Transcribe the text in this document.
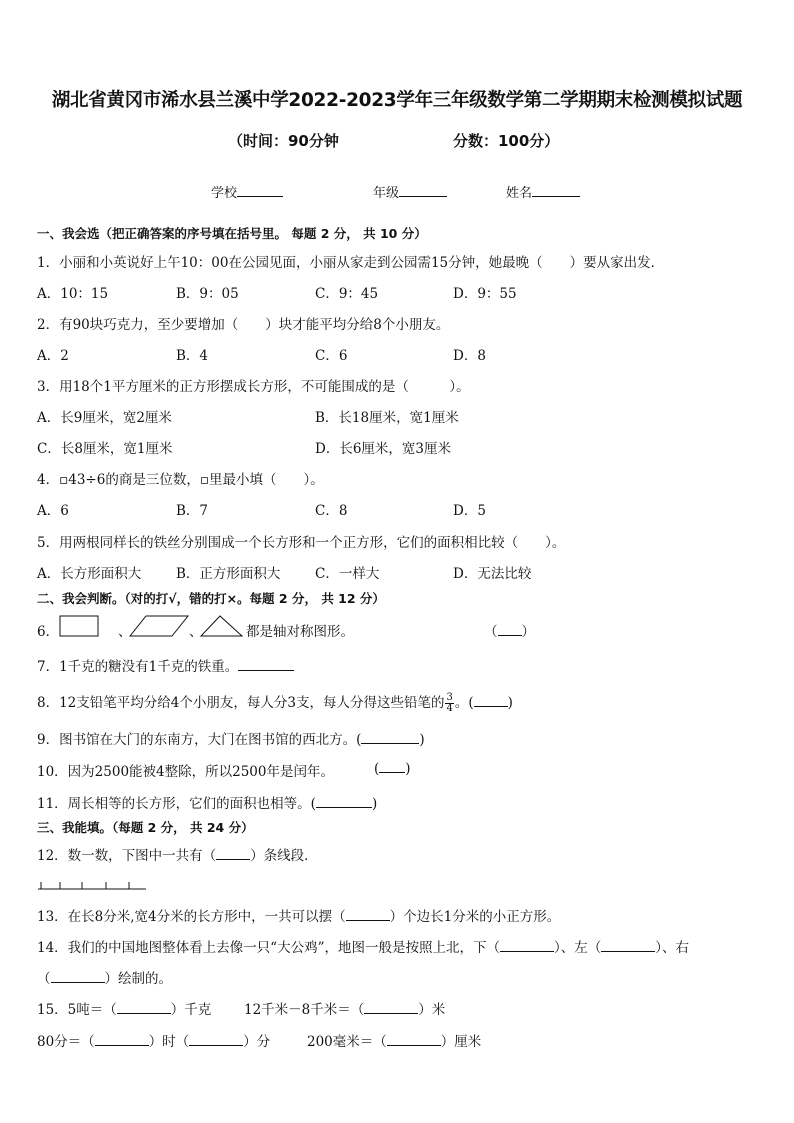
湖北省黄冈市浠水县兰溪中学2022-2023学年三年级数学第二学期期末检测模拟试题
（时间：90分钟	分数：100分）
学校	年级	姓名
一、我会选（把正确答案的序号填在括号里。 每题 2 分， 共 10 分）
1．小丽和小英说好上午10：00在公园见面，小丽从家走到公园需15分钟，她最晚（　　）要从家出发．
A．10：15	B．9：05	C．9：45	D．9：55
2．有90块巧克力，至少要增加（　　）块才能平均分给8个小朋友。
A．2	B．4	C．6	D．8
3．用18个1平方厘米的正方形摆成长方形，不可能围成的是（　　　）。
A．长9厘米，宽2厘米	B．长18厘米，宽1厘米
C．长8厘米，宽1厘米	D．长6厘米，宽3厘米
4．▫43÷6的商是三位数，▫里最小填（　　）。
A．6	B．7	C．8	D．5
5．用两根同样长的铁丝分别围成一个长方形和一个正方形，它们的面积相比较（　　）。
A．长方形面积大	B．正方形面积大	C．一样大	D．无法比较
二、我会判断。（对的打√，错的打×。每题 2 分， 共 12 分）
6．	、	、	都是轴对称图形。	（ ）
7．1千克的糖没有1千克的铁重。
8．12支铅笔平均分给4个小朋友，每人分3支，每人分得这些铅笔的 $\frac{3}{4}$ 。(	)
9．图书馆在大门的东南方，大门在图书馆的西北方。(	)
10．因为2500能被4整除，所以2500年是闰年。	( )
11．周长相等的长方形，它们的面积也相等。(	)
三、我能填。（每题 2 分， 共 24 分）
12．数一数，下图中一共有（	）条线段．
13．在长8分米,宽4分米的长方形中，一共可以摆（	）个边长1分米的小正方形。
14．我们的中国地图整体看上去像一只“大公鸡”，地图一般是按照上北，下（	）、左（	）、右
（	）绘制的。
15．5吨＝（	）千克 12千米－8千米＝（	）米
80分＝（	）时（	）分	200毫米＝（	）厘米
